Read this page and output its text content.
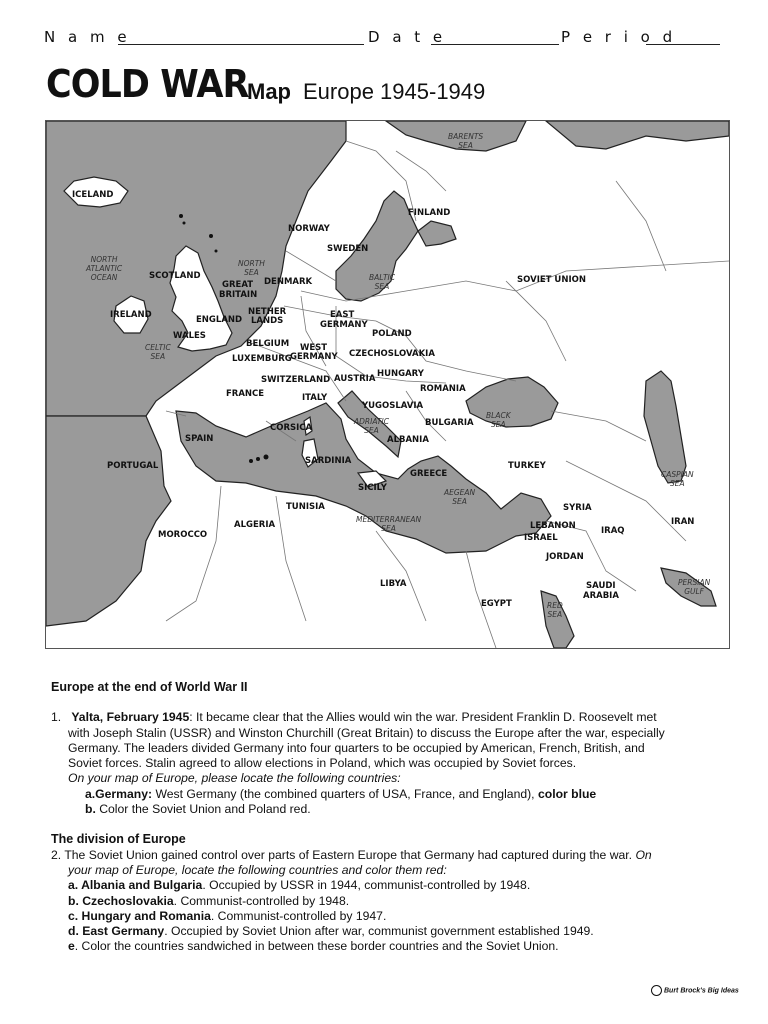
N a m e	D a t e	P e r i o d
COLD WAR
Map Europe 1945-1949
ICELAND
NORWAY
SWEDEN
FINLAND
SOVIET UNION
SCOTLAND
GREAT
BRITAIN
DENMARK
IRELAND	ENGLAND
WALES
NETHER
LANDS
EAST
GERMANY
POLAND
BELGIUM
LUXEMBURG
WEST
GERMANY CZECHOSLOVAKIA
SWITZERLAND AUSTRIA HUNGARY
ROMANIA
FRANCE	ITALY
YUGOSLAVIA
BULGARIA
ALBANIA
SPAIN
PORTUGAL
CORSICA
SARDINIA
SICILY
GREECE
TURKEY
TUNISIA
MOROCCO
ALGERIA
LIBYA
EGYPT
SYRIA
LEBANON
ISRAEL
JORDAN
IRAQ
IRAN
SAUDI
ARABIA
BARENTS
SEA
NORTH
ATLANTIC
OCEAN
NORTH
SEA
BALTIC
SEA
CELTIC
SEA
ADRIATIC
SEA
BLACK
SEA
CASPIAN
SEA
AEGEAN
SEA
MEDITERRANEAN
SEA
PERSIAN
GULF
RED
SEA
Europe at the end of World War II
1. Yalta, February 1945: It became clear that the Allies would win the war. President Franklin D. Roosevelt met
with Joseph Stalin (USSR) and Winston Churchill (Great Britain) to discuss the Europe after the war, especially
Germany. The leaders divided Germany into four quarters to be occupied by American, French, British, and
Soviet forces. Stalin agreed to allow elections in Poland, which was occupied by Soviet forces.
On your map of Europe, please locate the following countries:
a.Germany: West Germany (the combined quarters of USA, France, and England), color blue
b. Color the Soviet Union and Poland red.
The division of Europe
2. The Soviet Union gained control over parts of Eastern Europe that Germany had captured during the war. On
your map of Europe, locate the following countries and color them red:
a. Albania and Bulgaria. Occupied by USSR in 1944, communist-controlled by 1948.
b. Czechoslovakia. Communist-controlled by 1948.
c. Hungary and Romania. Communist-controlled by 1947.
d. East Germany. Occupied by Soviet Union after war, communist government established 1949.
e. Color the countries sandwiched in between these border countries and the Soviet Union.
Burt Brock's Big Ideas
